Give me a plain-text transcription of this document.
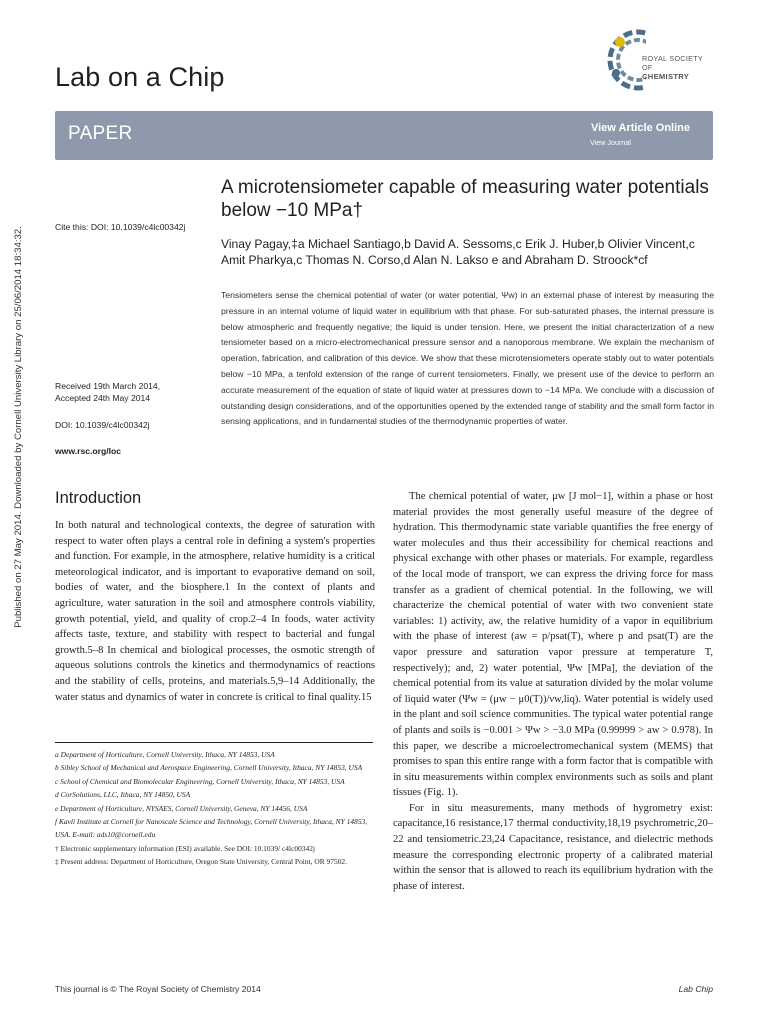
Published on 27 May 2014. Downloaded by Cornell University Library on 25/06/2014 18:34:32.
Lab on a Chip
ROYAL SOCIETY
OF
CHEMISTRY
PAPER	View Article Online
View Journal
A microtensiometer capable of measuring water potentials below −10 MPa†
Vinay Pagay,‡a Michael Santiago,b David A. Sessoms,c Erik J. Huber,b Olivier Vincent,c Amit Pharkya,c Thomas N. Corso,d Alan N. Lakso e and Abraham D. Stroock*cf
Cite this: DOI: 10.1039/c4lc00342j
Received 19th March 2014,
Accepted 24th May 2014
DOI: 10.1039/c4lc00342j
www.rsc.org/loc
Tensiometers sense the chemical potential of water (or water potential, Ψw) in an external phase of interest by measuring the pressure in an internal volume of liquid water in equilibrium with that phase. For sub-saturated phases, the internal pressure is below atmospheric and frequently negative; the liquid is under tension. Here, we present the initial characterization of a new tensiometer based on a micro-electromechanical pressure sensor and a nanoporous membrane. We explain the mechanism of operation, fabrication, and calibration of this device. We show that these microtensiometers operate stably out to water potentials below −10 MPa, a tenfold extension of the range of current tensiometers. Finally, we present use of the device to perform an accurate measurement of the equation of state of liquid water at pressures down to −14 MPa. We conclude with a discussion of outstanding design considerations, and of the opportunities opened by the extended range of stability and the small form factor in sensing applications, and in fundamental studies of the thermodynamic properties of water.
Introduction

In both natural and technological contexts, the degree of saturation with respect to water often plays a central role in defining a system's properties and function. For example, in the atmosphere, relative humidity is a critical meteorological indicator, and is important to evaporative demand on soil, bodies of water, and the biosphere.1 In the context of plants and agriculture, water saturation in the soil and atmosphere controls viability, growth potential, yield, and quality of crop.2–4 In foods, water activity affects taste, texture, and stability with respect to bacterial and fungal growth.5–8 In chemical and biological processes, the osmotic strength of aqueous solutions controls the kinetics and thermodynamics of reactions and the stability of cells, proteins, and materials.5,9–14 Additionally, the water status and dynamics of water in concrete is critical to final quality.15

The chemical potential of water, μw [J mol−1], within a phase or host material provides the most generally useful measure of the degree of hydration. This thermodynamic state variable quantifies the free energy of water molecules and thus their accessibility for chemical reactions and physical exchange with other phases or materials. For example, regardless of the local mode of transport, we can express the driving force for mass transfer as a gradient of chemical potential. In the following, we will characterize the chemical potential of water with two convenient state variables: 1) activity, aw, the relative humidity of a vapor in equilibrium with the phase of interest (aw = p/psat(T), where p and psat(T) are the vapor pressure and saturation vapor pressure at temperature T, respectively); and, 2) water potential, Ψw [MPa], the deviation of the chemical potential from its value at saturation divided by the molar volume of liquid water (Ψw = (μw − μ0(T))/νw,liq). Water potential is widely used in the plant and soil science communities. The typical water potential range of plants and soils is −0.001 > Ψw > −3.0 MPa (0.99999 > aw > 0.978). In this paper, we describe a microelectromechanical system (MEMS) that promises to span this entire range with a form factor that is compatible with in situ measurements within complex environments such as soils and plant tissues (Fig. 1).

For in situ measurements, many methods of hygrometry exist: capacitance,16 resistance,17 thermal conductivity,18,19 psychrometric,20–22 and tensiometric.23,24 Capacitance, resistance, and dielectric methods measure the corresponding electronic property of a calibrated material within the sensor that is allowed to reach its equilibrium hydration with the phase of interest.

a Department of Horticulture, Cornell University, Ithaca, NY 14853, USA
b Sibley School of Mechanical and Aerospace Engineering, Cornell University, Ithaca, NY 14853, USA
c School of Chemical and Biomolecular Engineering, Cornell University, Ithaca, NY 14853, USA
d CorSolutions, LLC, Ithaca, NY 14850, USA
e Department of Horticulture, NYSAES, Cornell University, Geneva, NY 14456, USA
f Kavli Institute at Cornell for Nanoscale Science and Technology, Cornell University, Ithaca, NY 14853, USA. E-mail: ads10@cornell.edu
† Electronic supplementary information (ESI) available. See DOI: 10.1039/ c4lc00342j
‡ Present address: Department of Horticulture, Oregon State University, Central Point, OR 97502.
This journal is © The Royal Society of Chemistry 2014	Lab Chip
